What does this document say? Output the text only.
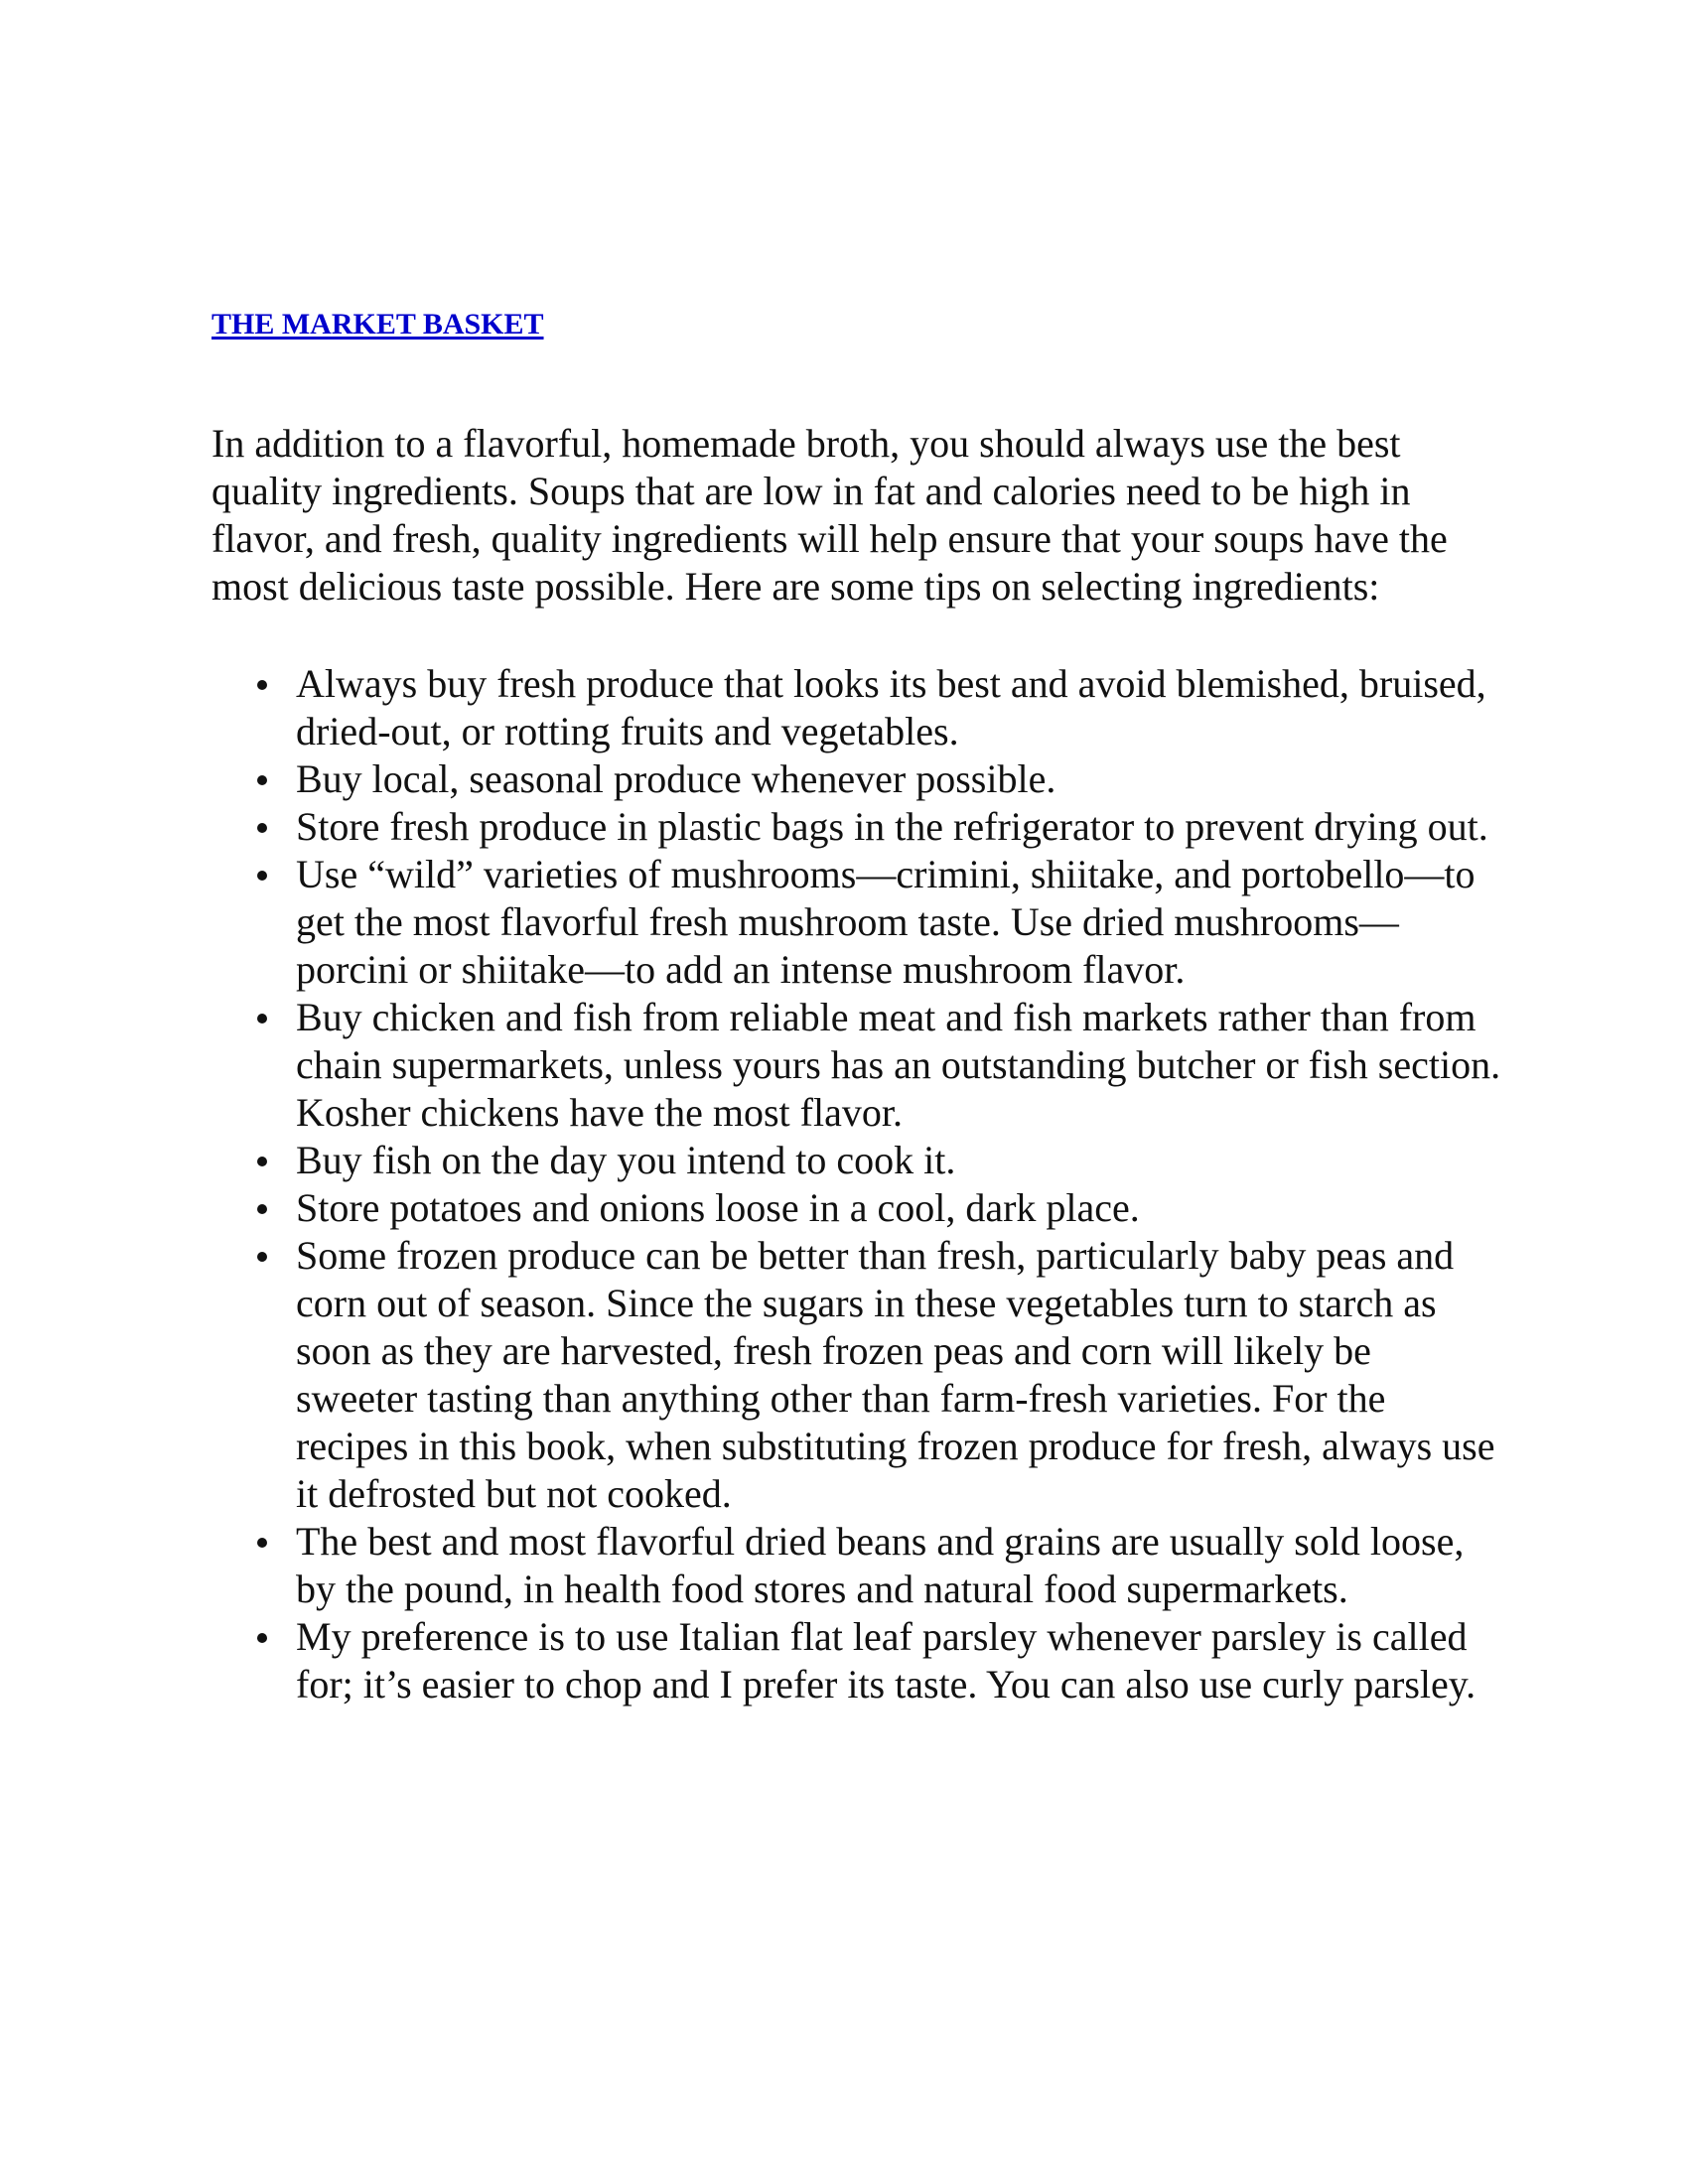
THE MARKET BASKET

In addition to a flavorful, homemade broth, you should always use the best quality ingredients. Soups that are low in fat and calories need to be high in flavor, and fresh, quality ingredients will help ensure that your soups have the most delicious taste possible. Here are some tips on selecting ingredients:

Always buy fresh produce that looks its best and avoid blemished, bruised, dried-out, or rotting fruits and vegetables.
Buy local, seasonal produce whenever possible.
Store fresh produce in plastic bags in the refrigerator to prevent drying out.
Use “wild” varieties of mushrooms—crimini, shiitake, and portobello—to get the most flavorful fresh mushroom taste. Use dried mushrooms—porcini or shiitake—to add an intense mushroom flavor.
Buy chicken and fish from reliable meat and fish markets rather than from chain supermarkets, unless yours has an outstanding butcher or fish section. Kosher chickens have the most flavor.
Buy fish on the day you intend to cook it.
Store potatoes and onions loose in a cool, dark place.
Some frozen produce can be better than fresh, particularly baby peas and corn out of season. Since the sugars in these vegetables turn to starch as soon as they are harvested, fresh frozen peas and corn will likely be sweeter tasting than anything other than farm-fresh varieties. For the recipes in this book, when substituting frozen produce for fresh, always use it defrosted but not cooked.
The best and most flavorful dried beans and grains are usually sold loose, by the pound, in health food stores and natural food supermarkets.
My preference is to use Italian flat leaf parsley whenever parsley is called for; it’s easier to chop and I prefer its taste. You can also use curly parsley.
